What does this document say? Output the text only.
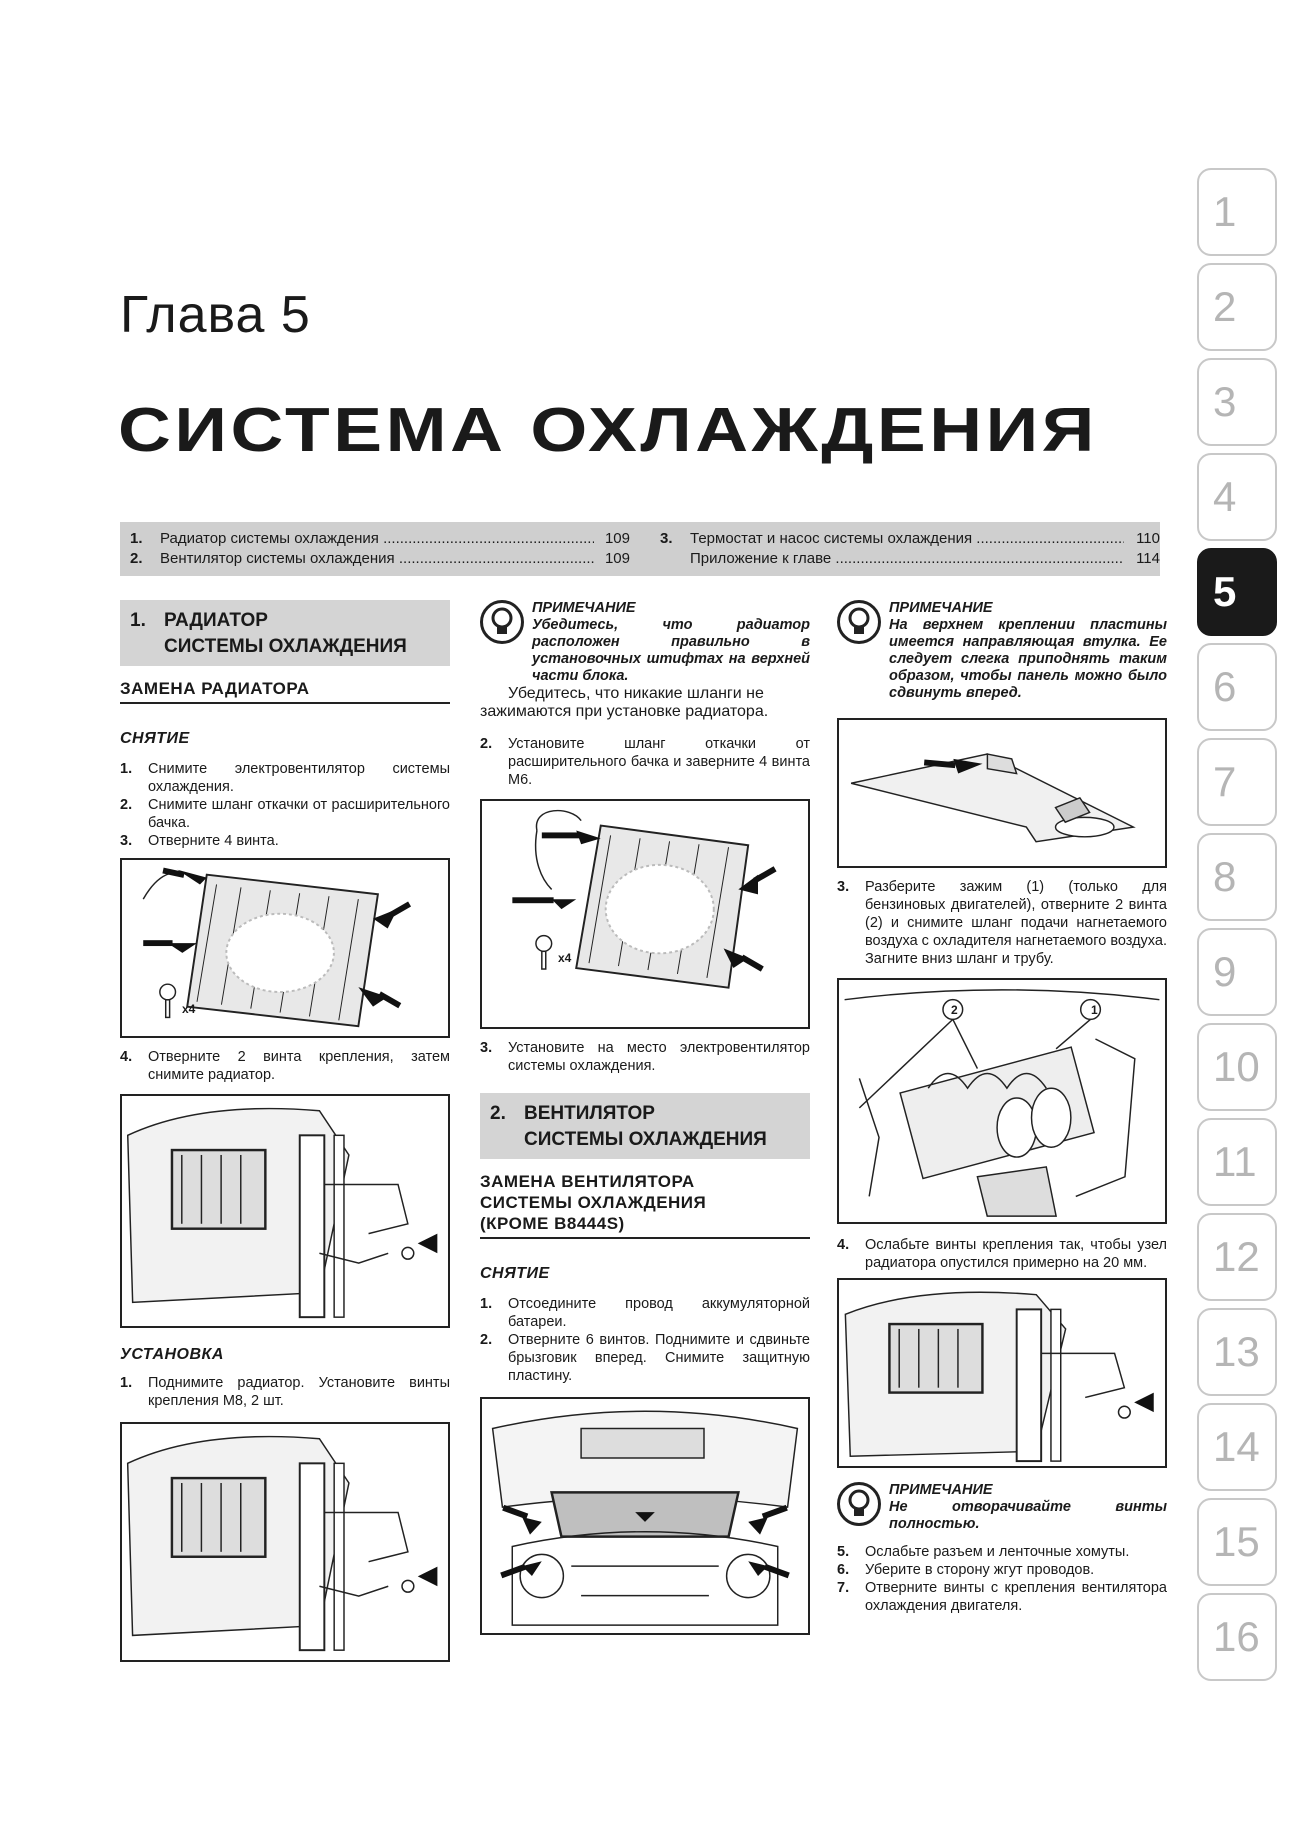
Глава 5
СИСТЕМА ОХЛАЖДЕНИЯ
1.	Радиатор системы охлаждения .....	109
2.	Вентилятор системы охлаждения .....	109
3.	Термостат и насос системы охлаждения .....	110
Приложение к главе .....	114
1
2
3
4
5
6
7
8
9
10
11
12
13
14
15
16
1. РАДИАТОР
СИСТЕМЫ ОХЛАЖДЕНИЯ
ЗАМЕНА РАДИАТОРА
СНЯТИЕ
1.	Снимите электровентилятор системы охлаждения.
2.	Снимите шланг откачки от расширительного бачка.
3.	Отверните 4 винта.
x4
4.	Отверните 2 винта крепления, затем снимите радиатор.
УСТАНОВКА
1.	Поднимите радиатор. Установите винты крепления М8, 2 шт.
ПРИМЕЧАНИЕ
Убедитесь, что радиатор расположен правильно в установочных штифтах на верхней части блока.
Убедитесь, что никакие шланги не зажимаются при установке радиатора.
2.	Установите шланг откачки от расширительного бачка и заверните 4 винта М6.
x4
3.	Установите на место электровентилятор системы охлаждения.
2. ВЕНТИЛЯТОР
СИСТЕМЫ ОХЛАЖДЕНИЯ
ЗАМЕНА ВЕНТИЛЯТОРА
СИСТЕМЫ ОХЛАЖДЕНИЯ
(КРОМЕ B8444S)
СНЯТИЕ
1.	Отсоедините провод аккумуляторной батареи.
2.	Отверните 6 винтов. Поднимите и сдвиньте брызговик вперед. Снимите защитную пластину.
ПРИМЕЧАНИЕ
На верхнем креплении пластины имеется направляющая втулка. Ее следует слегка приподнять таким образом, чтобы панель можно было сдвинуть вперед.
3.	Разберите зажим (1) (только для бензиновых двигателей), отверните 2 винта (2) и снимите шланг подачи нагнетаемого воздуха с охладителя нагнетаемого воздуха. Загните вниз шланг и трубу.
2	1
4.	Ослабьте винты крепления так, чтобы узел радиатора опустился примерно на 20 мм.
ПРИМЕЧАНИЕ
Не отворачивайте винты полностью.
5.	Ослабьте разъем и ленточные хомуты.
6.	Уберите в сторону жгут проводов.
7.	Отверните винты с крепления вентилятора охлаждения двигателя.
